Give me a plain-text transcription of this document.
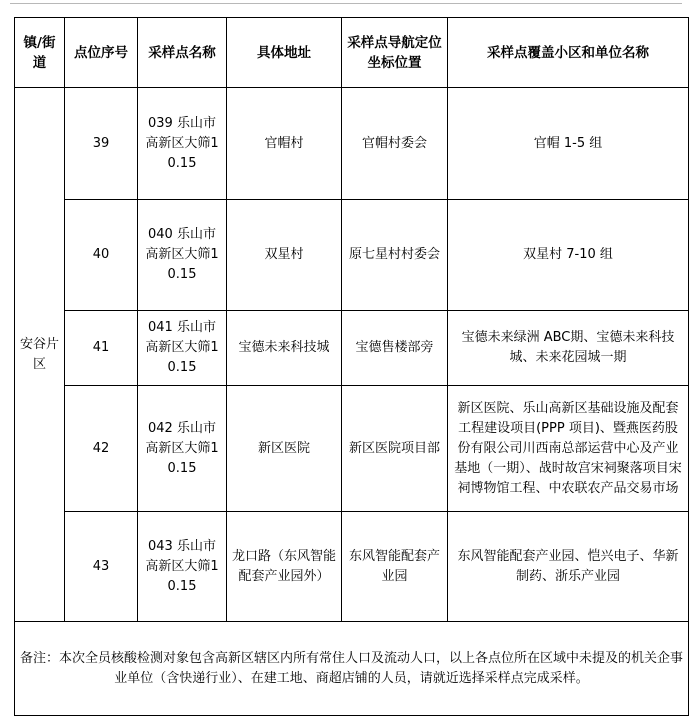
镇/街道	点位序号	采样点名称	具体地址	采样点导航定位坐标位置	采样点覆盖小区和单位名称
安谷片区	39	039 乐山市高新区大筛10.15	官帽村	官帽村委会	官帽 1-5 组
	40	040 乐山市高新区大筛10.15	双星村	原七星村村委会	双星村 7-10 组
	41	041 乐山市高新区大筛10.15	宝德未来科技城	宝德售楼部旁	宝德未来绿洲 ABC期、宝德未来科技城、未来花园城一期
	42	042 乐山市高新区大筛10.15	新区医院	新区医院项目部	新区医院、乐山高新区基础设施及配套工程建设项目(PPP 项目)、暨燕医药股份有限公司川西南总部运营中心及产业基地（一期）、战时故宫宋祠聚落项目宋祠博物馆工程、中农联农产品交易市场
	43	043 乐山市高新区大筛10.15	龙口路（东风智能配套产业园外）	东风智能配套产业园	东风智能配套产业园、恺兴电子、华新制药、浙乐产业园
备注：本次全员核酸检测对象包含高新区辖区内所有常住人口及流动人口，以上各点位所在区域中未提及的机关企事业单位（含快递行业）、在建工地、商超店铺的人员，请就近选择采样点完成采样。					
